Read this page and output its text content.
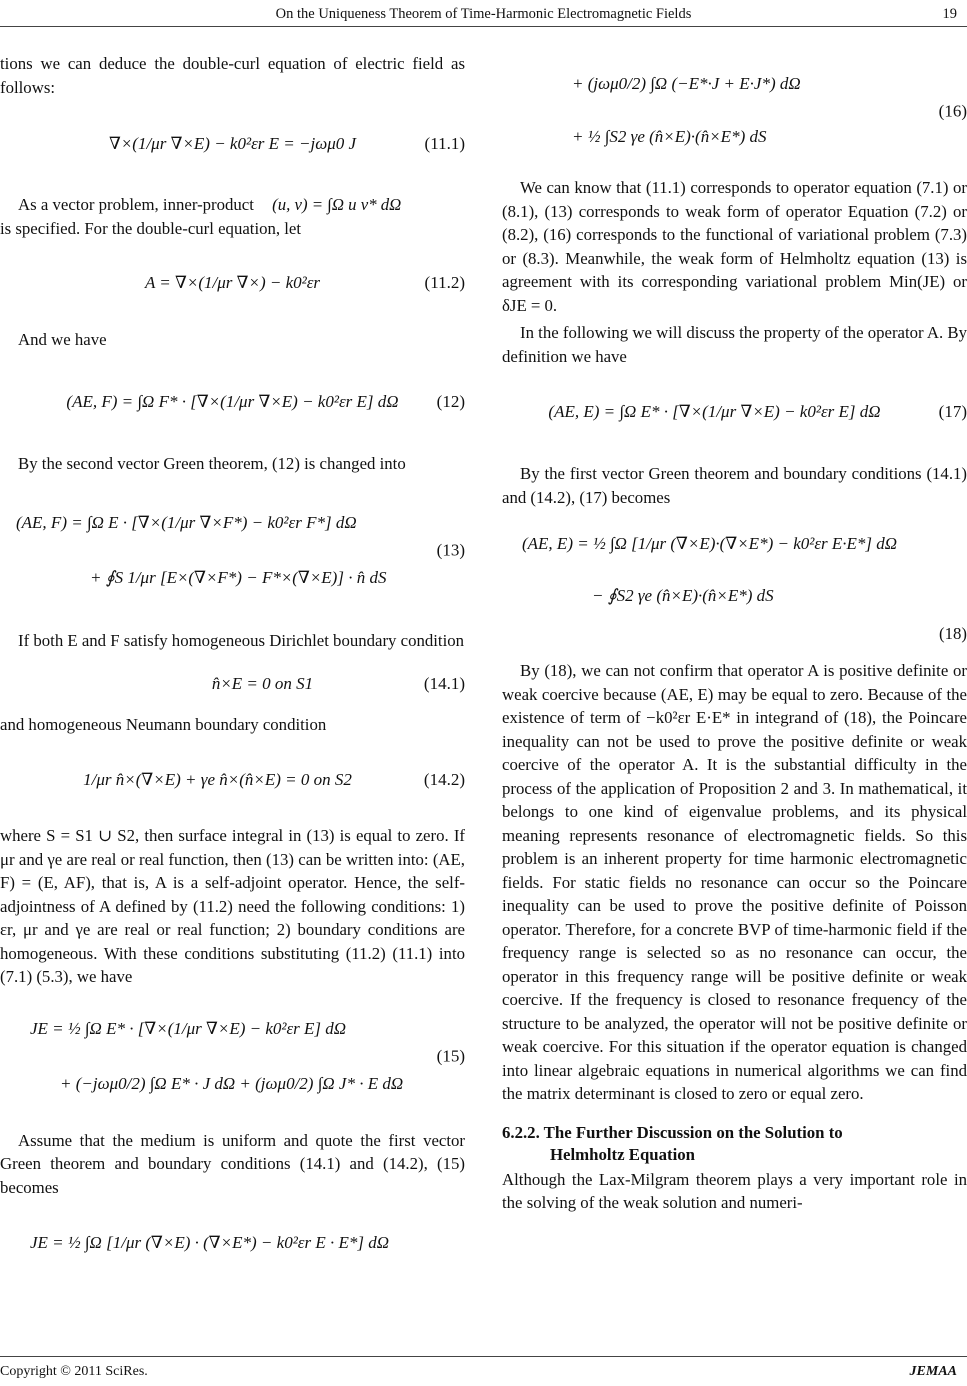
On the Uniqueness Theorem of Time-Harmonic Electromagnetic Fields	19

tions we can deduce the double-curl equation of electric field as follows:

∇×(1/μr ∇×E) − k0²εr E = −jωμ0 J	(11.1)

As a vector problem, inner-product (u, v) = ∫Ω u v* dΩ

is specified. For the double-curl equation, let

A = ∇×(1/μr ∇×) − k0²εr	(11.2)

And we have

(AE, F) = ∫Ω F* · [∇×(1/μr ∇×E) − k0²εr E] dΩ (12)

By the second vector Green theorem, (12) is changed into

(AE, F) = ∫Ω E · [∇×(1/μr ∇×F*) − k0²εr F*] dΩ
+ ∮S 1/μr [E×(∇×F*) − F*×(∇×E)] · n̂ dS
(13)

If both E and F satisfy homogeneous Dirichlet boundary condition

n̂×E = 0 on S1	(14.1)

and homogeneous Neumann boundary condition

1/μr n̂×(∇×E) + γe n̂×(n̂×E) = 0 on S2	(14.2)

where S = S1 ∪ S2, then surface integral in (13) is equal to zero. If μr and γe are real or real function, then (13) can be written into: (AE, F) = (E, AF), that is, A is a self-adjoint operator. Hence, the self-adjointness of A defined by (11.2) need the following conditions: 1) εr, μr and γe are real or real function; 2) boundary conditions are homogeneous. With these conditions substituting (11.2) (11.1) into (7.1) (5.3), we have

JE = ½ ∫Ω E* · [∇×(1/μr ∇×E) − k0²εr E] dΩ
+ (−jωμ0/2) ∫Ω E* · J dΩ + (jωμ0/2) ∫Ω J* · E dΩ
(15)

Assume that the medium is uniform and quote the first vector Green theorem and boundary conditions (14.1) and (14.2), (15) becomes

JE = ½ ∫Ω [1/μr (∇×E) · (∇×E*) − k0²εr E · E*] dΩ
+ (jωμ0/2) ∫Ω (−E*·J + E·J*) dΩ
+ ½ ∫S2 γe (n̂×E)·(n̂×E*) dS
(16)

We can know that (11.1) corresponds to operator equation (7.1) or (8.1), (13) corresponds to weak form of operator Equation (7.2) or (8.2), (16) corresponds to the functional of variational problem (7.3) or (8.3). Meanwhile, the weak form of Helmholtz equation (13) is agreement with its corresponding variational problem Min(JE) or δJE = 0.

In the following we will discuss the property of the operator A. By definition we have

(AE, E) = ∫Ω E* · [∇×(1/μr ∇×E) − k0²εr E] dΩ	(17)

By the first vector Green theorem and boundary conditions (14.1) and (14.2), (17) becomes

(AE, E) = ½ ∫Ω [1/μr (∇×E)·(∇×E*) − k0²εr E·E*] dΩ
− ∮S2 γe (n̂×E)·(n̂×E*) dS
(18)

By (18), we can not confirm that operator A is positive definite or weak coercive because (AE, E) may be equal to zero. Because of the existence of term of −k0²εr E·E* in integrand of (18), the Poincare inequality can not be used to prove the positive definite or weak coercive of the operator A. It is the substantial difficulty in the process of the application of Proposition 2 and 3. In mathematical, it belongs to one kind of eigenvalue problems, and its physical meaning represents resonance of electromagnetic fields. So this problem is an inherent property for time harmonic electromagnetic fields. For static fields no resonance can occur so the Poincare inequality can be used to prove the positive definite of Poisson operator. Therefore, for a concrete BVP of time-harmonic field if the frequency range is selected so as no resonance can occur, the operator in this frequency range will be positive definite or weak coercive. If the frequency is closed to resonance frequency of the structure to be analyzed, the operator will not be positive definite or weak coercive. For this situation if the operator equation is changed into linear algebraic equations in numerical algorithms we can find the matrix determinant is closed to zero or equal zero.

6.2.2. The Further Discussion on the Solution to
Helmholtz Equation

Although the Lax-Milgram theorem plays a very important role in the solving of the weak solution and numeri-

Copyright © 2011 SciRes.	JEMAA
